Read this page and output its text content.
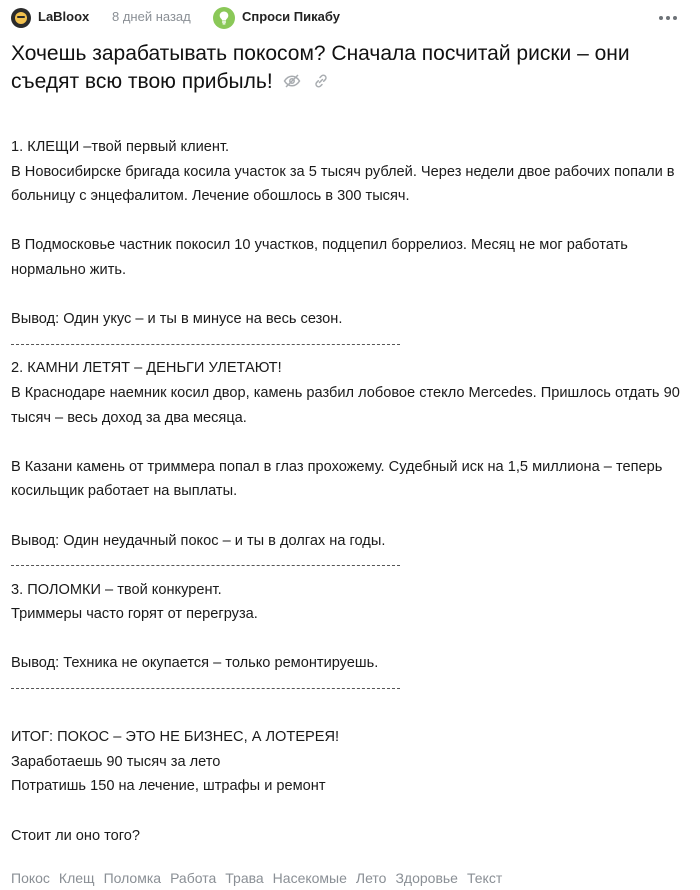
LaBloox 8 дней назад	Спроси Пикабу
Хочешь зарабатывать покосом? Сначала посчитай риски – они съедят всю твою прибыль!

1. КЛЕЩИ –твой первый клиент.

В Новосибирске бригада косила участок за 5 тысяч рублей. Через недели двое рабочих попали в

больницу с энцефалитом. Лечение обошлось в 300 тысяч.

В Подмосковье частник покосил 10 участков, подцепил боррелиоз. Месяц не мог работать

нормально жить.

Вывод: Один укус – и ты в минусе на весь сезон.

2. КАМНИ ЛЕТЯТ – ДЕНЬГИ УЛЕТАЮТ!

В Краснодаре наемник косил двор, камень разбил лобовое стекло Mercedes. Пришлось отдать 90

тысяч – весь доход за два месяца.

В Казани камень от триммера попал в глаз прохожему. Судебный иск на 1,5 миллиона – теперь

косильщик работает на выплаты.

Вывод: Один неудачный покос – и ты в долгах на годы.

3. ПОЛОМКИ – твой конкурент.

Триммеры часто горят от перегруза.

Вывод: Техника не окупается – только ремонтируешь.

ИТОГ: ПОКОС – ЭТО НЕ БИЗНЕС, А ЛОТЕРЕЯ!

Заработаешь 90 тысяч за лето

Потратишь 150 на лечение, штрафы и ремонт

Стоит ли оно того?

Покос Клещ Поломка Работа Трава Насекомые Лето Здоровье Текст
